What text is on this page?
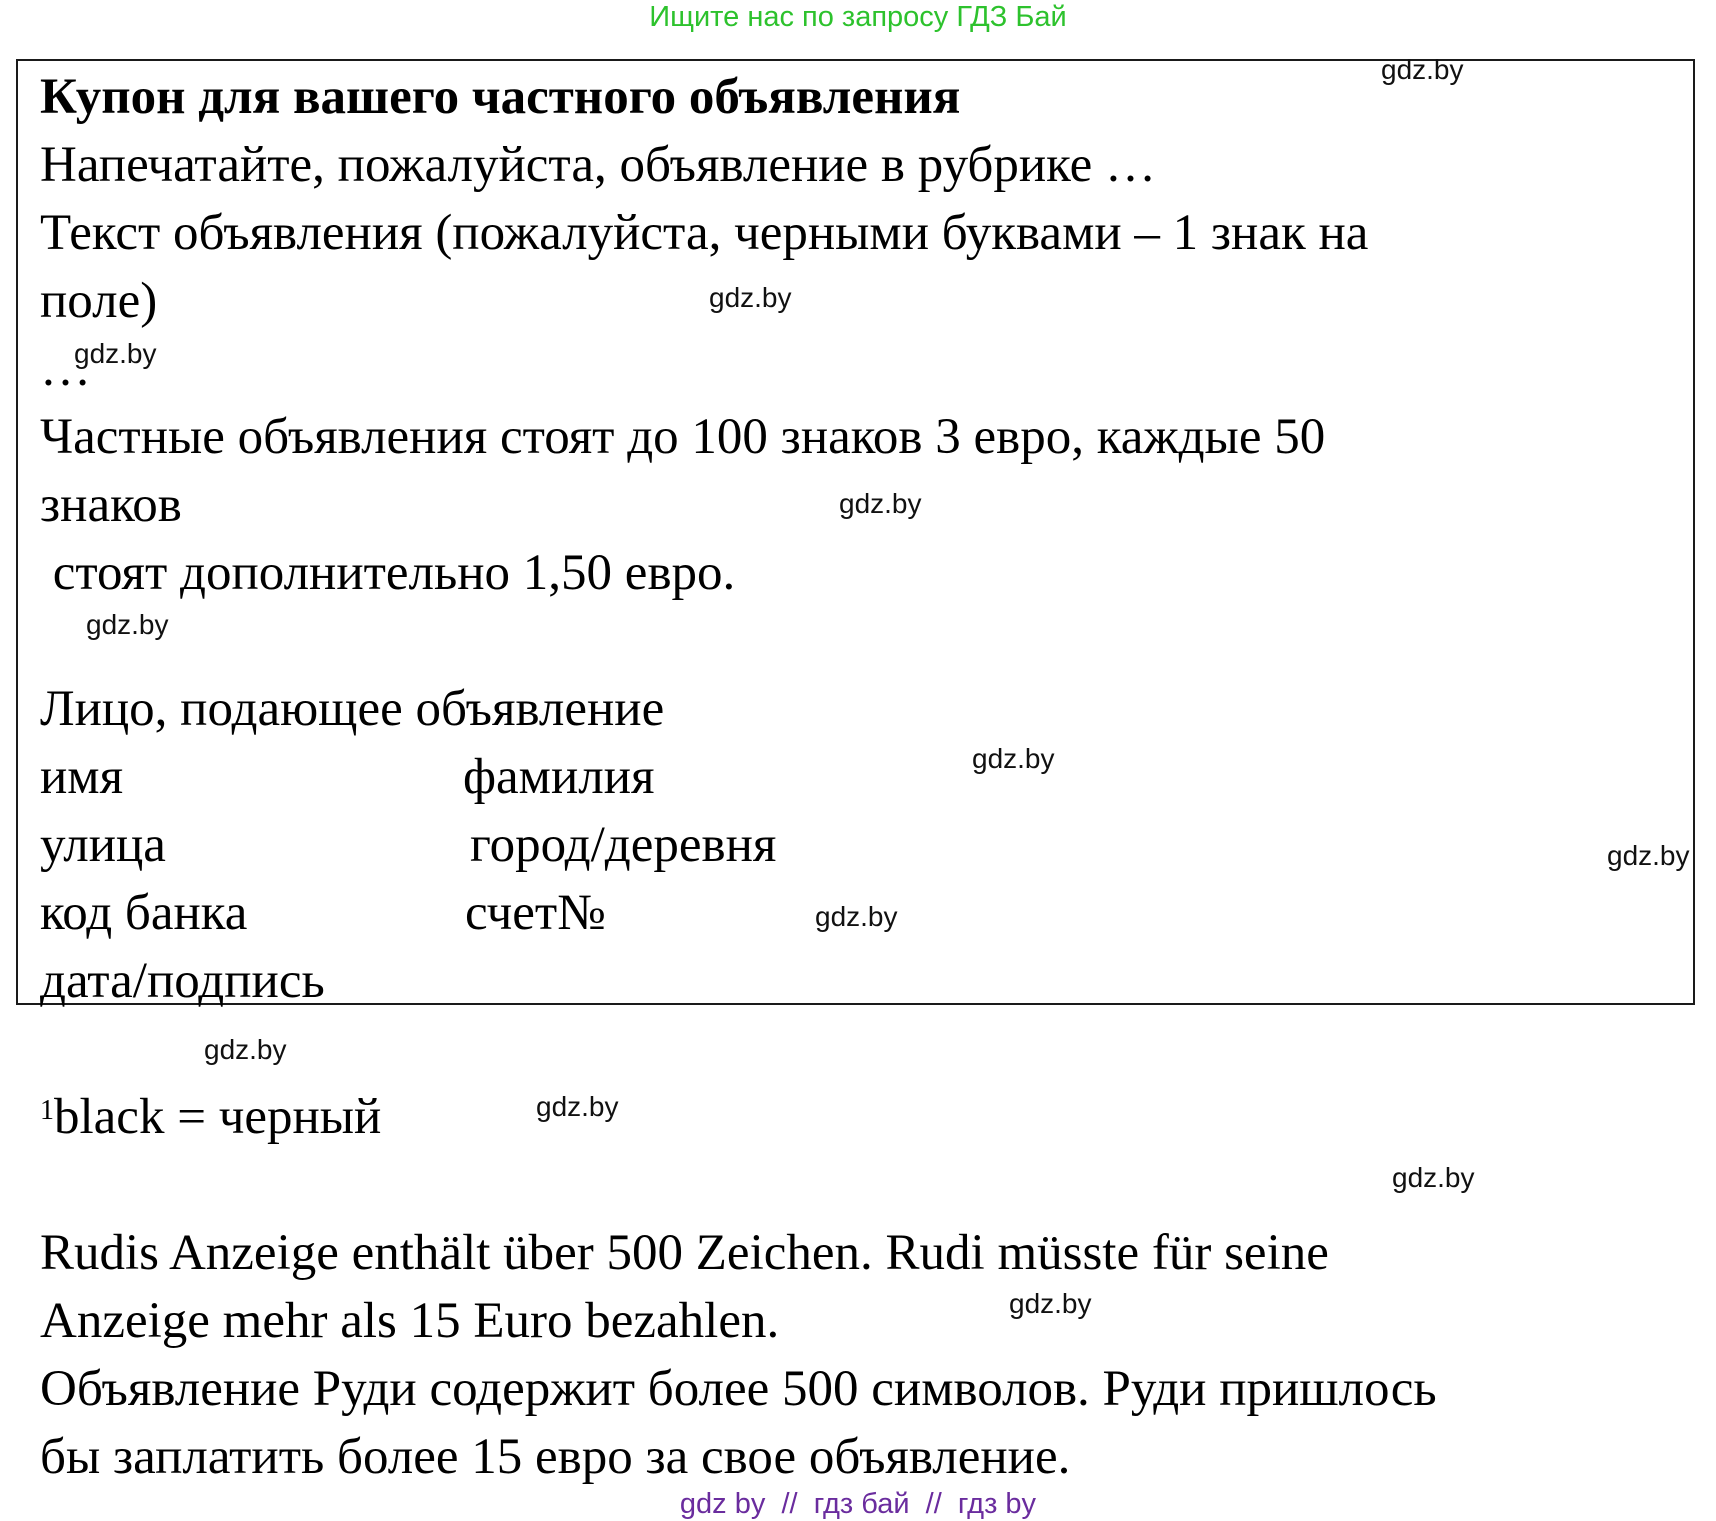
Ищите нас по запросу ГДЗ Бай
Купон для вашего частного объявления
Напечатайте, пожалуйста, объявление в рубрике …
Текст объявления (пожалуйста, черными буквами – 1 знак на
поле)
…
Частные объявления стоят до 100 знаков 3 евро, каждые 50
знаков
стоят дополнительно 1,50 евро.
Лицо, подающее объявление
имя	фамилия
улица	город/деревня
код банка	счет№
дата/подпись
$^1$black = черный
Rudis Anzeige enthält über 500 Zeichen. Rudi müsste für seine
Anzeige mehr als 15 Euro bezahlen.
Объявление Руди содержит более 500 символов. Руди пришлось
бы заплатить более 15 евро за свое объявление.
gdz.by
gdz.by
gdz.by
gdz.by
gdz.by
gdz.by
gdz.by
gdz.by
gdz.by
gdz.by
gdz.by
gdz.by
gdz by  //  гдз бай  //  гдз by
